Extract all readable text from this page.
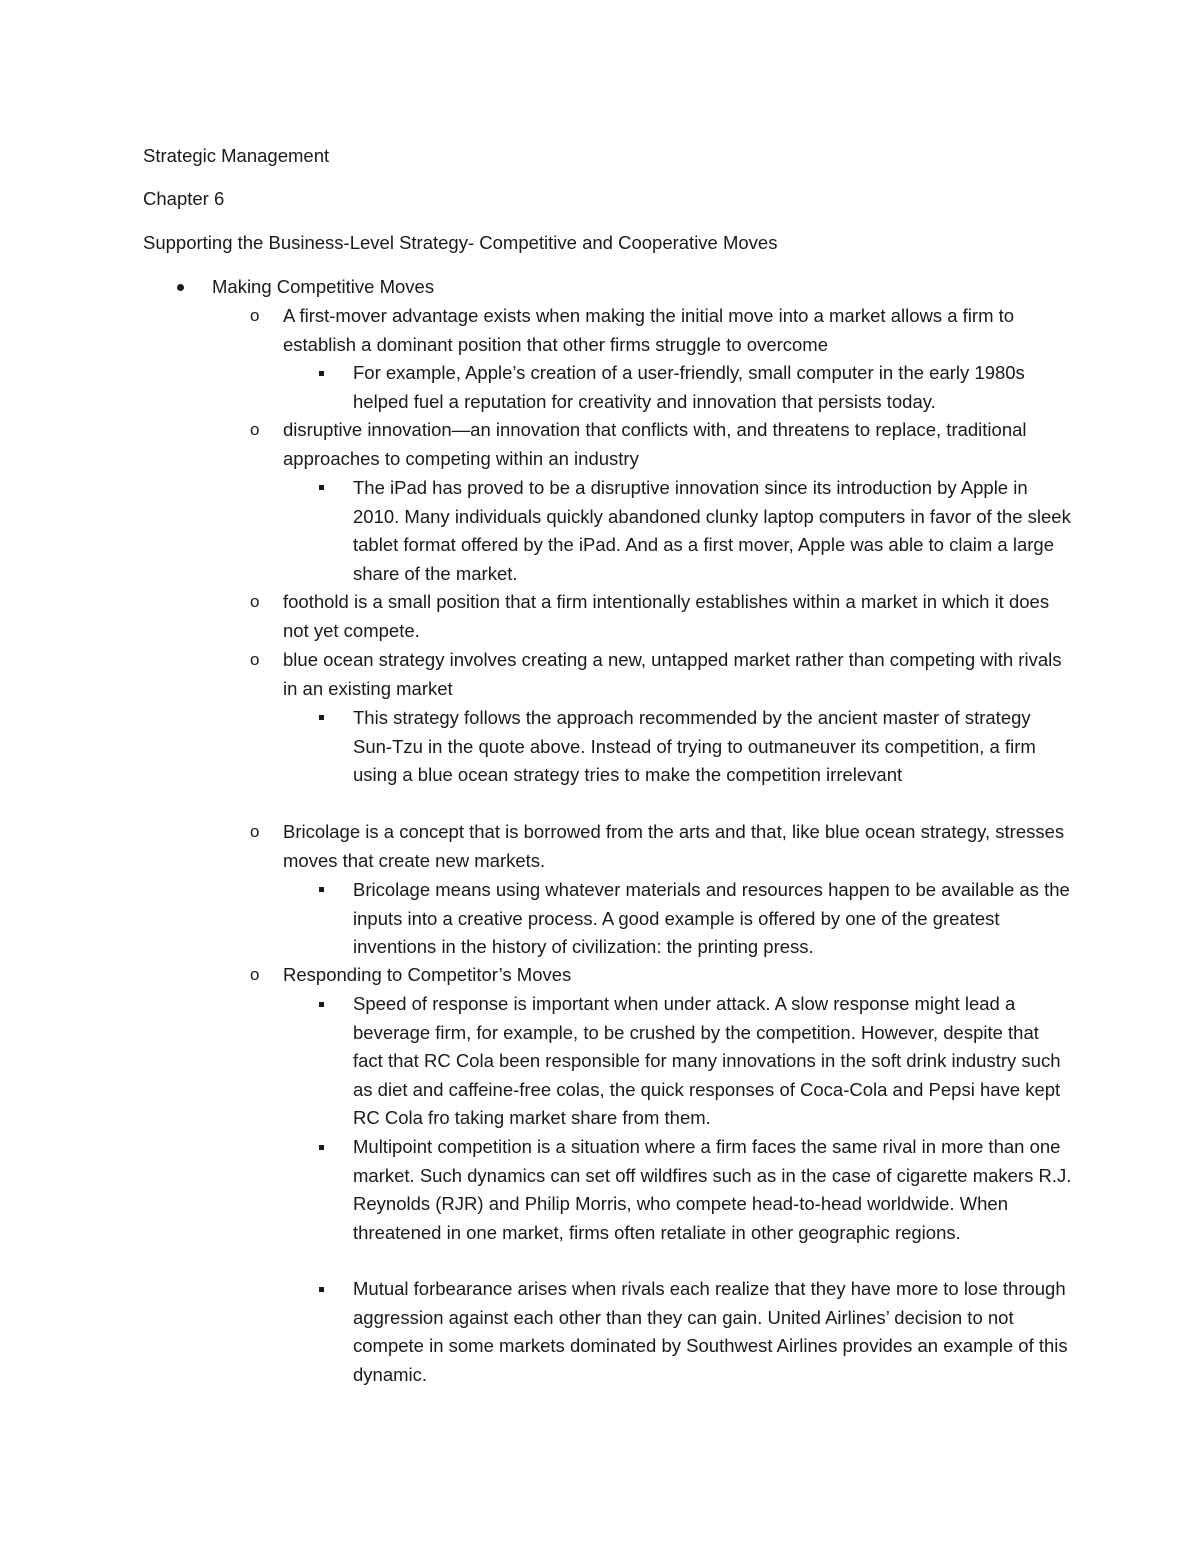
Strategic Management
Chapter 6
Supporting the Business-Level Strategy- Competitive and Cooperative Moves
Making Competitive Moves
o A first-mover advantage exists when making the initial move into a market allows a firm to establish a dominant position that other firms struggle to overcome
For example, Apple’s creation of a user-friendly, small computer in the early 1980s helped fuel a reputation for creativity and innovation that persists today.
o disruptive innovation—an innovation that conflicts with, and threatens to replace, traditional approaches to competing within an industry
The iPad has proved to be a disruptive innovation since its introduction by Apple in 2010. Many individuals quickly abandoned clunky laptop computers in favor of the sleek tablet format offered by the iPad. And as a first mover, Apple was able to claim a large share of the market.
o foothold is a small position that a firm intentionally establishes within a market in which it does not yet compete.
o blue ocean strategy involves creating a new, untapped market rather than competing with rivals in an existing market
This strategy follows the approach recommended by the ancient master of strategy Sun-Tzu in the quote above. Instead of trying to outmaneuver its competition, a firm using a blue ocean strategy tries to make the competition irrelevant
o Bricolage is a concept that is borrowed from the arts and that, like blue ocean strategy, stresses moves that create new markets.
Bricolage means using whatever materials and resources happen to be available as the inputs into a creative process. A good example is offered by one of the greatest inventions in the history of civilization: the printing press.
o Responding to Competitor’s Moves
Speed of response is important when under attack. A slow response might lead a beverage firm, for example, to be crushed by the competition. However, despite that fact that RC Cola been responsible for many innovations in the soft drink industry such as diet and caffeine-free colas, the quick responses of Coca-Cola and Pepsi have kept RC Cola fro taking market share from them.
Multipoint competition is a situation where a firm faces the same rival in more than one market. Such dynamics can set off wildfires such as in the case of cigarette makers R.J. Reynolds (RJR) and Philip Morris, who compete head-to-head worldwide. When threatened in one market, firms often retaliate in other geographic regions.
Mutual forbearance arises when rivals each realize that they have more to lose through aggression against each other than they can gain. United Airlines’ decision to not compete in some markets dominated by Southwest Airlines provides an example of this dynamic.
